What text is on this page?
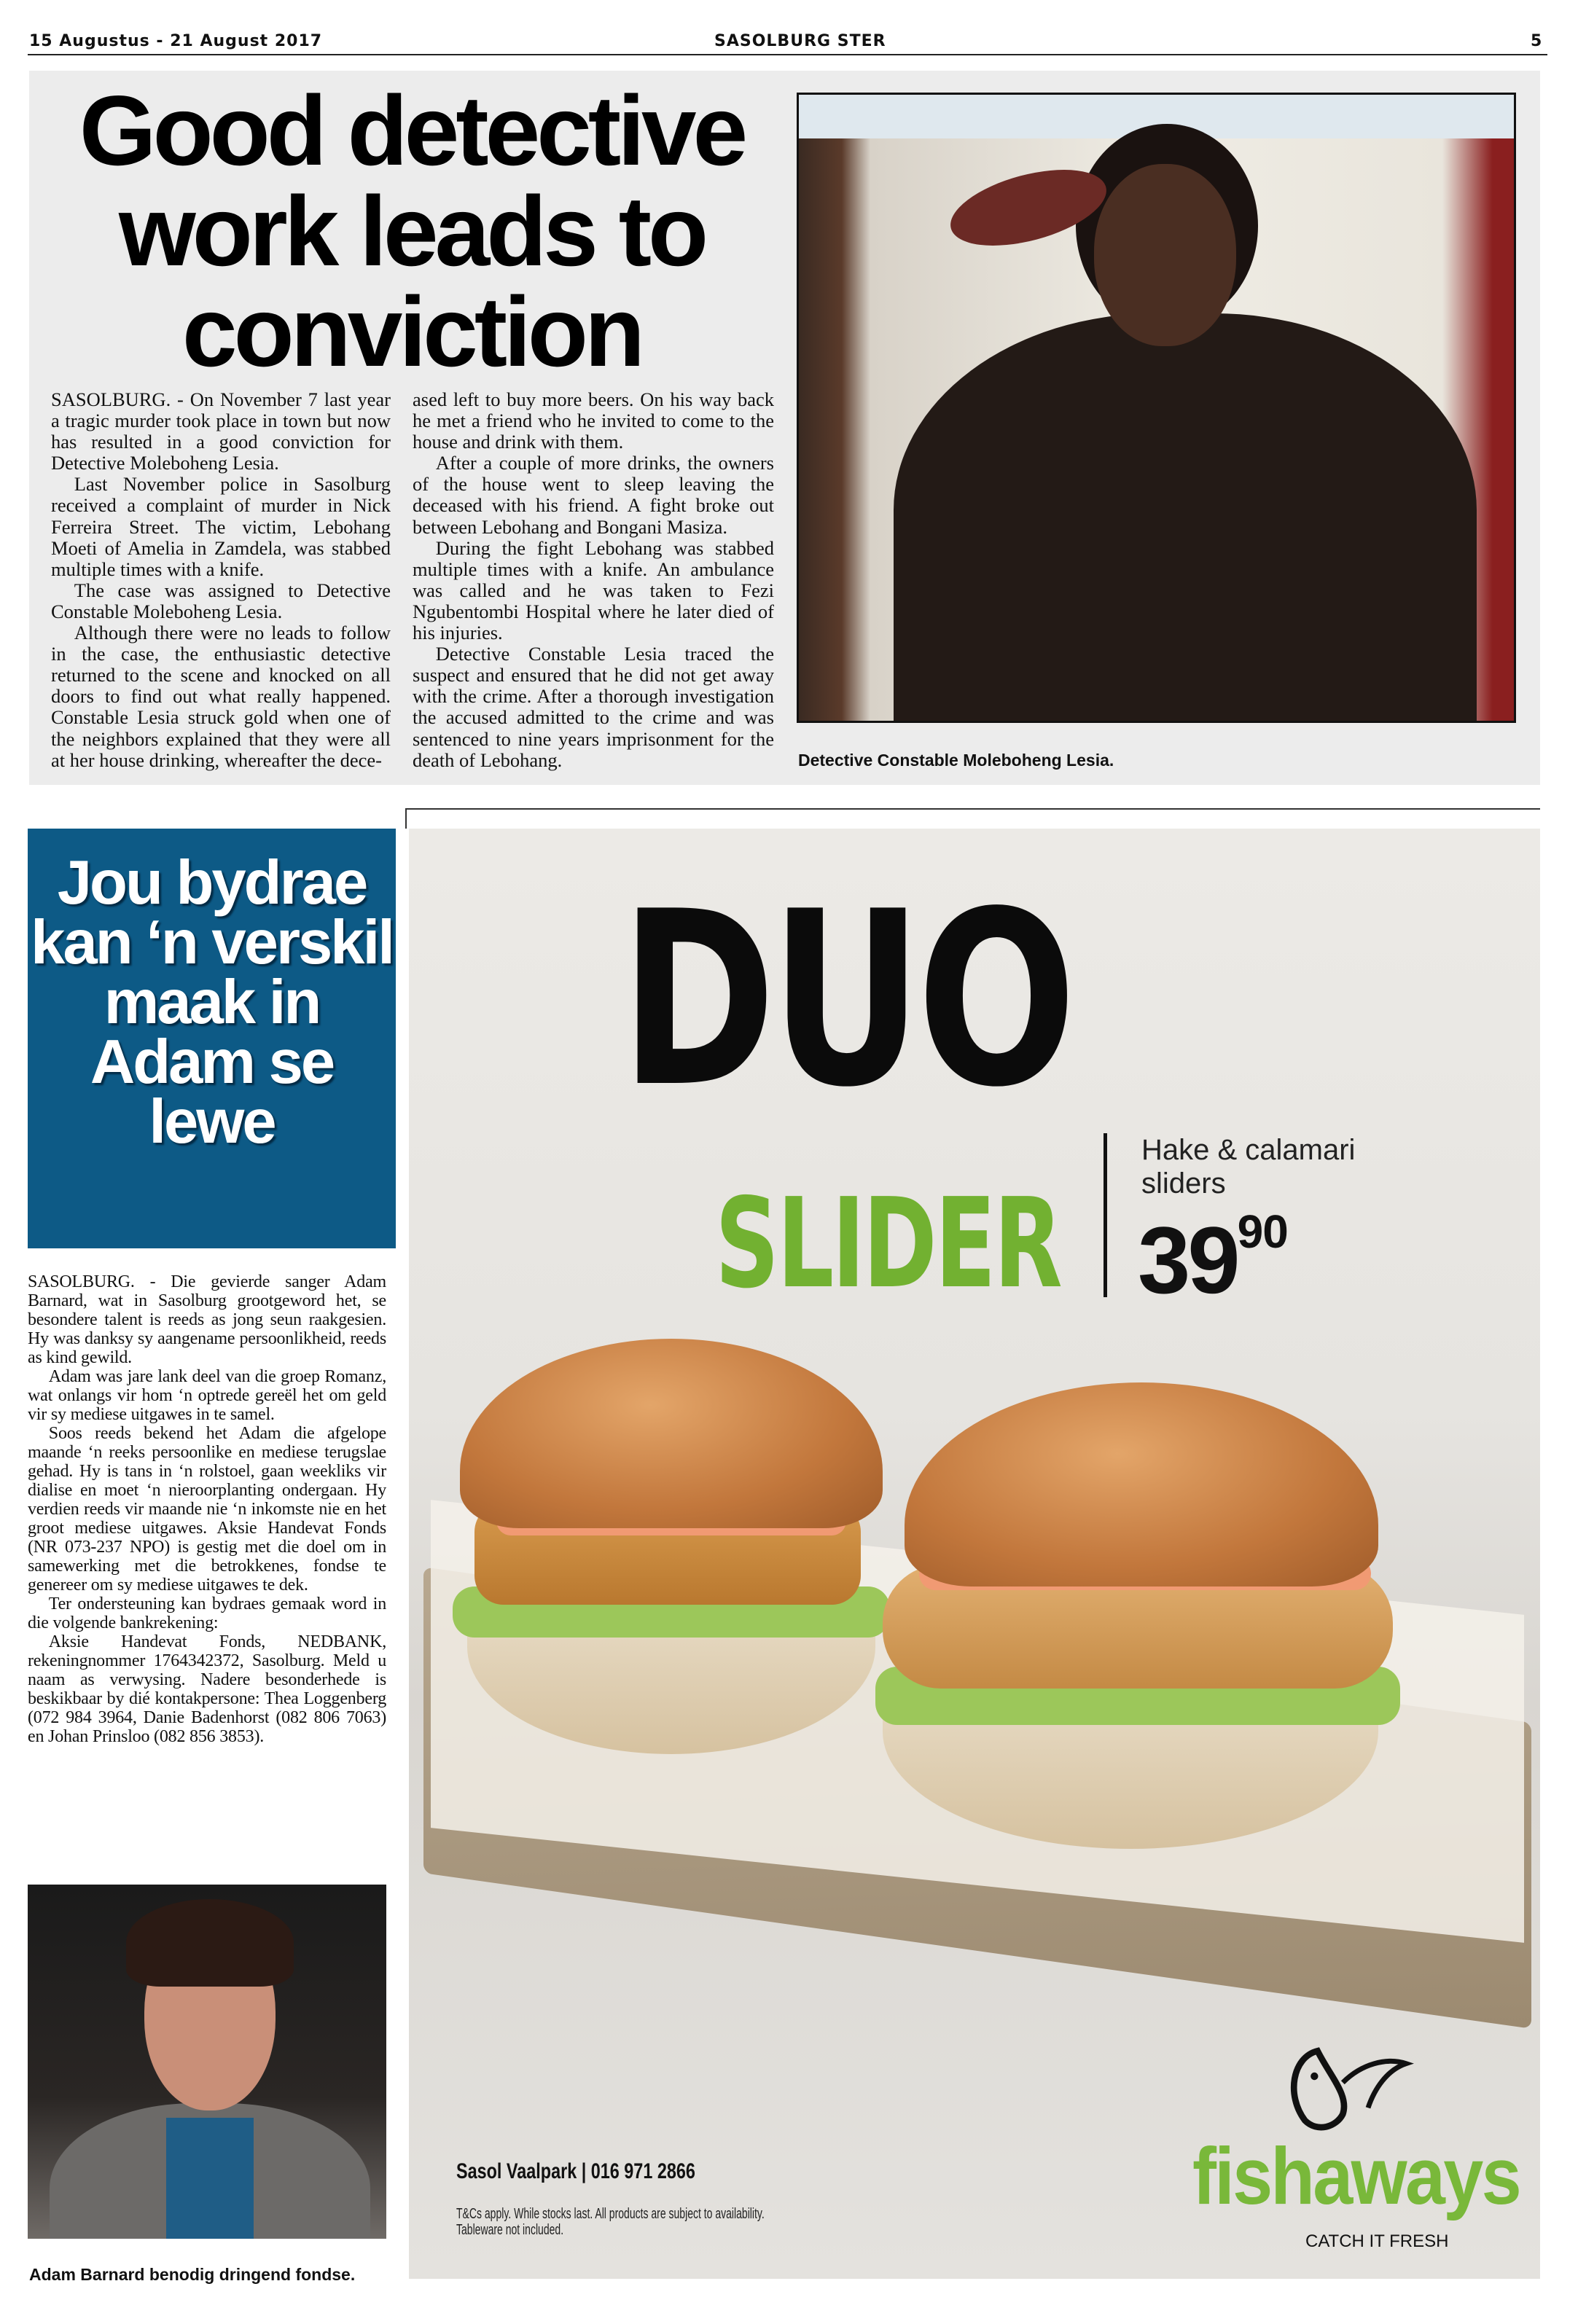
15 Augustus - 21 August 2017	SASOLBURG STER	5
Good detective work leads to conviction

SASOLBURG. - On November 7 last year a tragic murder took place in town but now has resulted in a good conviction for Detective Moleboheng Lesia.

Last November police in Sasolburg received a complaint of murder in Nick Ferreira Street. The victim, Lebohang Moeti of Amelia in Zamdela, was stabbed multiple times with a knife.

The case was assigned to Detective Constable Moleboheng Lesia.

Although there were no leads to follow in the case, the enthusiastic detective returned to the scene and knocked on all doors to find out what really happened. Constable Lesia struck gold when one of the neighbors explained that they were all at her house drinking, whereafter the dece-

ased left to buy more beers. On his way back he met a friend who he invited to come to the house and drink with them.

After a couple of more drinks, the owners of the house went to sleep leaving the deceased with his friend. A fight broke out between Lebohang and Bongani Masiza.

During the fight Lebohang was stabbed multiple times with a knife. An ambulance was called and he was taken to Fezi Ngubentombi Hospital where he later died of his injuries.

Detective Constable Lesia traced the suspect and ensured that he did not get away with the crime. After a thorough investigation the accused admitted to the crime and was sentenced to nine years imprisonment for the death of Lebohang.	Detective Constable Moleboheng Lesia.
Jou bydrae kan ‘n verskil maak in Adam se lewe

SASOLBURG. - Die gevierde sanger Adam Barnard, wat in Sasolburg grootgeword het, se besondere talent is reeds as jong seun raakgesien. Hy was danksy sy aangename persoonlikheid, reeds as kind gewild.

Adam was jare lank deel van die groep Romanz, wat onlangs vir hom ‘n optrede gereël het om geld vir sy mediese uitgawes in te samel.

Soos reeds bekend het Adam die afgelope maande ‘n reeks persoonlike en mediese terugslae gehad. Hy is tans in ‘n rolstoel, gaan weekliks vir dialise en moet ‘n nieroorplanting ondergaan. Hy verdien reeds vir maande nie ‘n inkomste nie en het groot mediese uitgawes. Aksie Handevat Fonds (NR 073-237 NPO) is gestig met die doel om in samewerking met die betrokkenes, fondse te genereer om sy mediese uitgawes te dek.

Ter ondersteuning kan bydraes gemaak word in die volgende bankrekening:

Aksie Handevat Fonds, NEDBANK, rekeningnommer 1764342372, Sasolburg. Meld u naam as verwysing. Nadere besonderhede is beskikbaar by dié kontakpersone: Thea Loggenberg (072 984 3964, Danie Badenhorst (082 806 7063) en Johan Prinsloo (082 856 3853).

Adam Barnard benodig dringend fondse.
DUO
SLIDER
Hake & calamari sliders
$39^{90}$
Sasol Vaalpark | 016 971 2866
T&Cs apply. While stocks last. All products are subject to availability.
Tableware not included.
fishaways
CATCH IT FRESH
